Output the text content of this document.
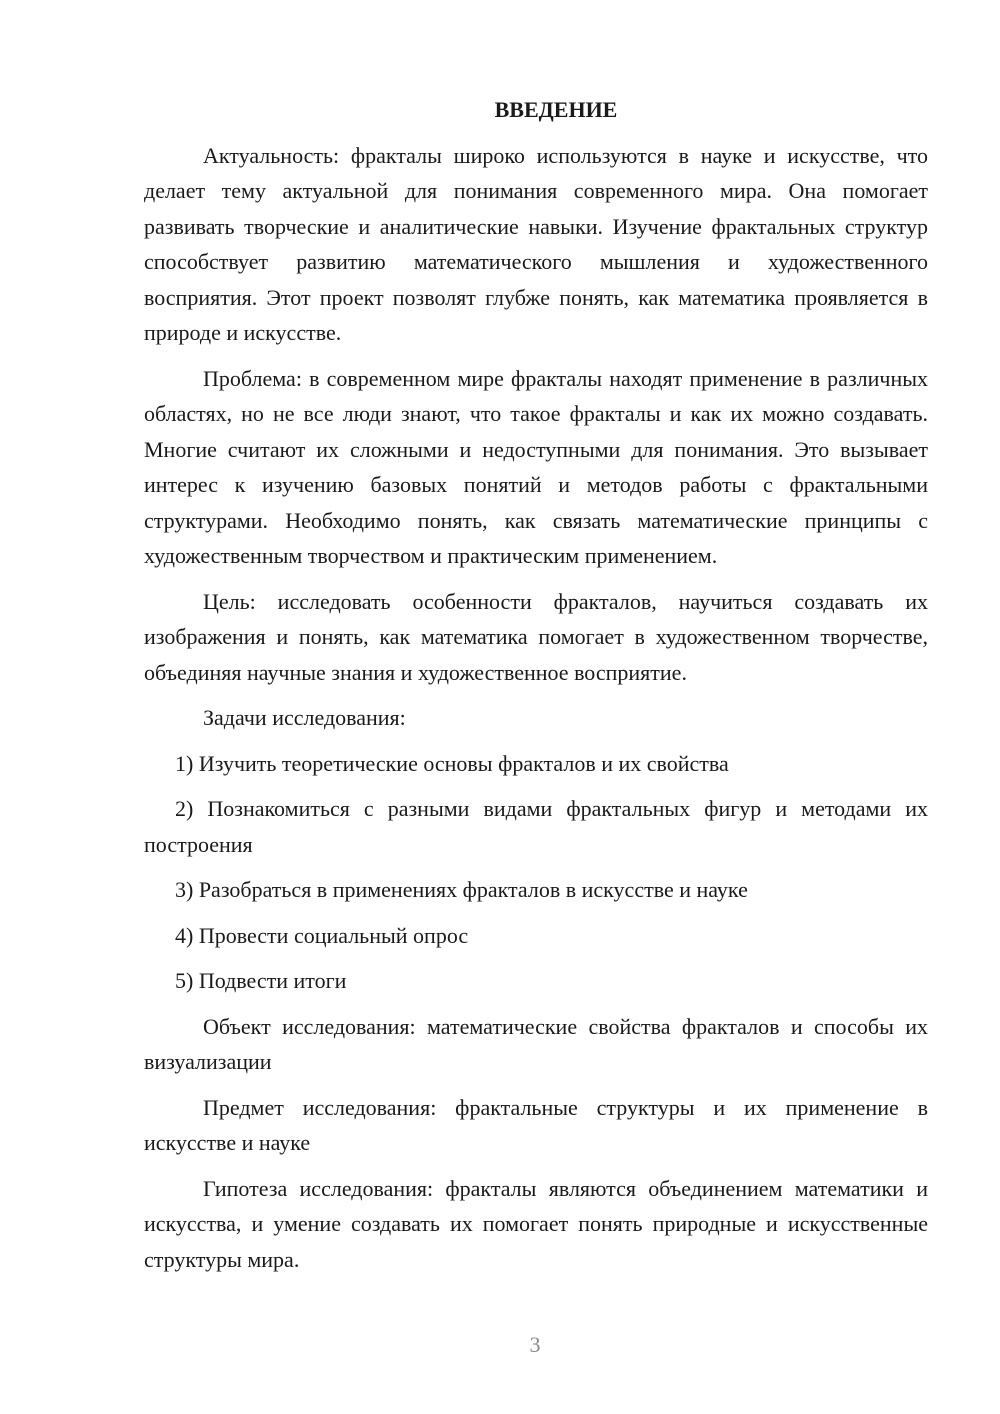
ВВЕДЕНИЕ

Актуальность: фракталы широко используются в науке и искусстве, что делает тему актуальной для понимания современного мира. Она помогает развивать творческие и аналитические навыки. Изучение фрактальных структур способствует развитию математического мышления и художественного восприятия. Этот проект позволят глубже понять, как математика проявляется в природе и искусстве.

Проблема: в современном мире фракталы находят применение в различных областях, но не все люди знают, что такое фракталы и как их можно создавать. Многие считают их сложными и недоступными для понимания. Это вызывает интерес к изучению базовых понятий и методов работы с фрактальными структурами. Необходимо понять, как связать математические принципы с художественным творчеством и практическим применением.

Цель: исследовать особенности фракталов, научиться создавать их изображения и понять, как математика помогает в художественном творчестве, объединяя научные знания и художественное восприятие.

Задачи исследования:

1) Изучить теоретические основы фракталов и их свойства

2) Познакомиться с разными видами фрактальных фигур и методами их построения

3) Разобраться в применениях фракталов в искусстве и науке

4) Провести социальный опрос

5) Подвести итоги

Объект исследования: математические свойства фракталов и способы их визуализации

Предмет исследования: фрактальные структуры и их применение в искусстве и науке

Гипотеза исследования: фракталы являются объединением математики и искусства, и умение создавать их помогает понять природные и искусственные структуры мира.

3
